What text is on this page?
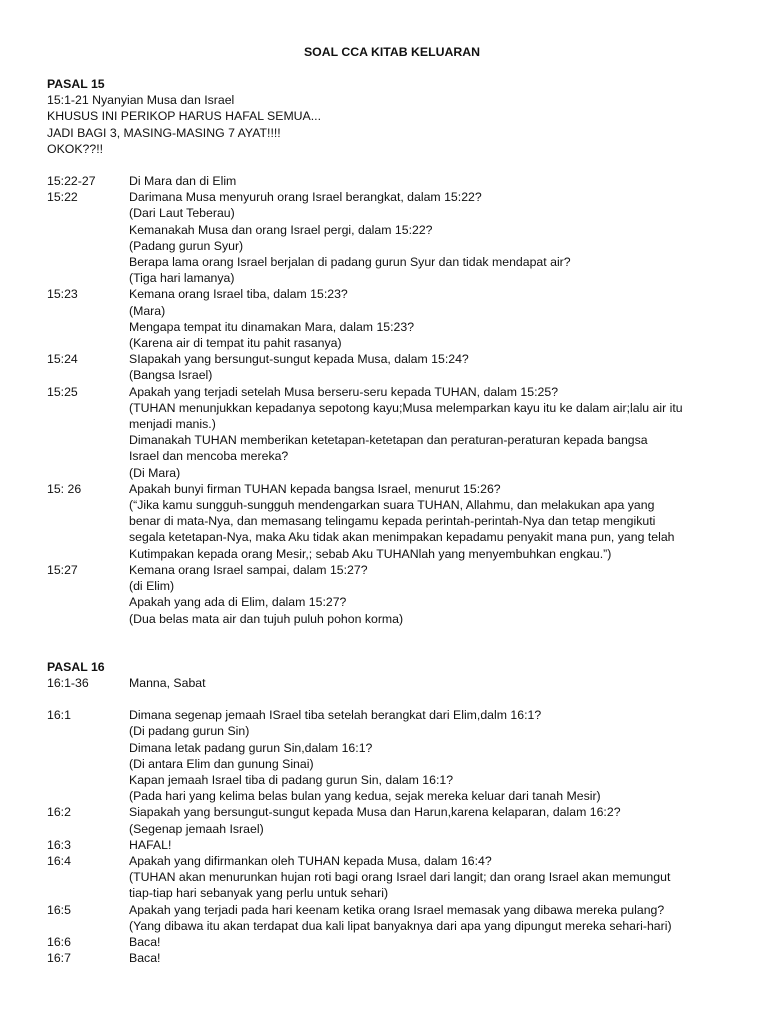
SOAL CCA KITAB KELUARAN
PASAL 15
15:1-21 Nyanyian Musa dan Israel
KHUSUS INI PERIKOP HARUS HAFAL SEMUA...
JADI BAGI 3, MASING-MASING 7 AYAT!!!!
OKOK??!!
15:22-27	Di Mara dan di Elim
15:22	Darimana Musa menyuruh orang Israel berangkat, dalam 15:22?
(Dari Laut Teberau)
Kemanakah Musa dan orang Israel pergi, dalam 15:22?
(Padang gurun Syur)
Berapa lama orang Israel berjalan di padang gurun Syur dan tidak mendapat air?
(Tiga hari lamanya)
15:23	Kemana orang Israel tiba, dalam 15:23?
(Mara)
Mengapa tempat itu dinamakan Mara, dalam 15:23?
(Karena air di tempat itu pahit rasanya)
15:24	SIapakah yang bersungut-sungut kepada Musa, dalam 15:24?
(Bangsa Israel)
15:25	Apakah yang terjadi setelah Musa berseru-seru kepada TUHAN, dalam 15:25?
(TUHAN menunjukkan kepadanya sepotong kayu;Musa melemparkan kayu itu ke dalam air;lalu air itu
menjadi manis.)
Dimanakah TUHAN memberikan ketetapan-ketetapan dan peraturan-peraturan kepada bangsa
Israel dan mencoba mereka?
(Di Mara)
15: 26	Apakah bunyi firman TUHAN kepada bangsa Israel, menurut 15:26?
(“Jika kamu sungguh-sungguh mendengarkan suara TUHAN, Allahmu, dan melakukan apa yang
benar di mata-Nya, dan memasang telingamu kepada perintah-perintah-Nya dan tetap mengikuti
segala ketetapan-Nya, maka Aku tidak akan menimpakan kepadamu penyakit mana pun, yang telah
Kutimpakan kepada orang Mesir,; sebab Aku TUHANlah yang menyembuhkan engkau.”)
15:27	Kemana orang Israel sampai, dalam 15:27?
(di Elim)
Apakah yang ada di Elim, dalam 15:27?
(Dua belas mata air dan tujuh puluh pohon korma)
PASAL 16
16:1-36	Manna, Sabat
16:1	Dimana segenap jemaah ISrael tiba setelah berangkat dari Elim,dalm 16:1?
(Di padang gurun Sin)
Dimana letak padang gurun Sin,dalam 16:1?
(Di antara Elim dan gunung Sinai)
Kapan jemaah Israel tiba di padang gurun Sin, dalam 16:1?
(Pada hari yang kelima belas bulan yang kedua, sejak mereka keluar dari tanah Mesir)
16:2	Siapakah yang bersungut-sungut kepada Musa dan Harun,karena kelaparan, dalam 16:2?
(Segenap jemaah Israel)
16:3	HAFAL!
16:4	Apakah yang difirmankan oleh TUHAN kepada Musa, dalam 16:4?
(TUHAN akan menurunkan hujan roti bagi orang Israel dari langit; dan orang Israel akan memungut
tiap-tiap hari sebanyak yang perlu untuk sehari)
16:5	Apakah yang terjadi pada hari keenam ketika orang Israel memasak yang dibawa mereka pulang?
(Yang dibawa itu akan terdapat dua kali lipat banyaknya dari apa yang dipungut mereka sehari-hari)
16:6	Baca!
16:7	Baca!
